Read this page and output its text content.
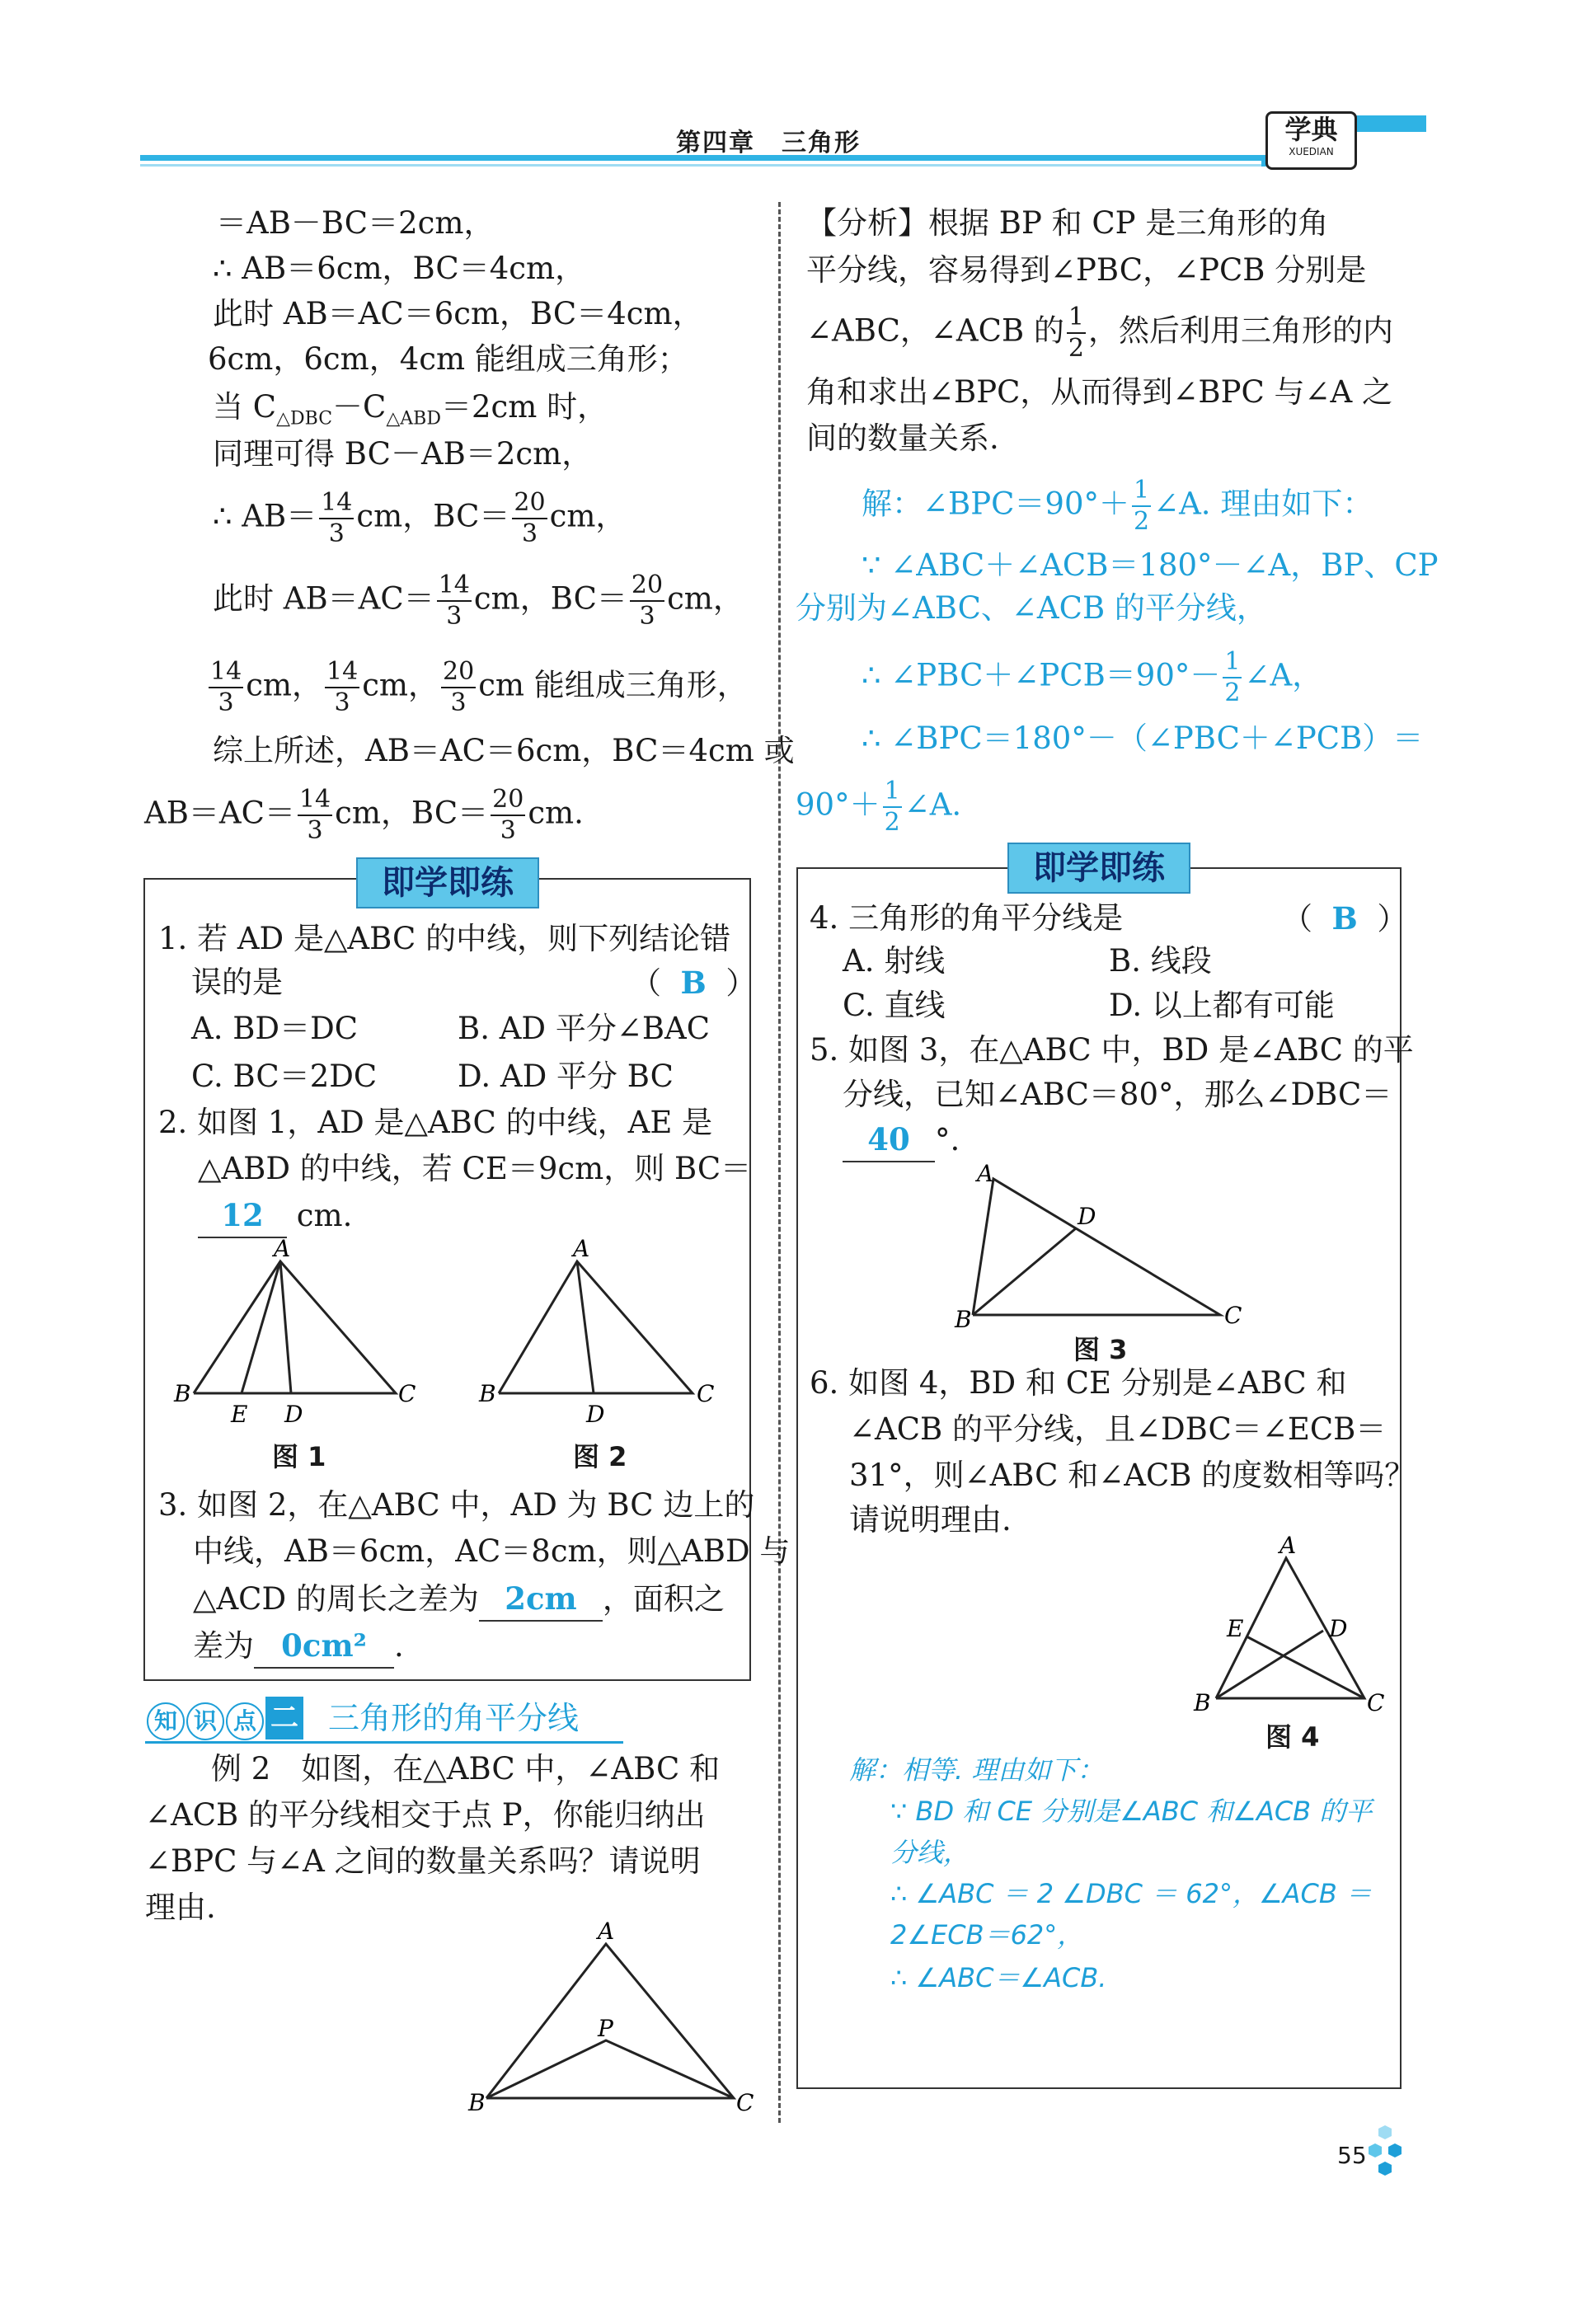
第四章　三角形	学典
XUEDIAN
＝AB－BC＝2cm，
∴ AB＝6cm，BC＝4cm，
此时 AB＝AC＝6cm，BC＝4cm，
6cm，6cm，4cm 能组成三角形；
当 $C_{\triangle DBC}-C_{\triangle ABD}=2cm$ 时，
同理可得 BC－AB＝2cm，
∴ $AB= \frac{14}{3}$ cm，$BC= \frac{20}{3}$ cm，
此时 $AB=AC= \frac{14}{3}$ cm，$BC= \frac{20}{3}$ cm，
$\frac{14}{3}$ cm， $\frac{14}{3}$ cm， $\frac{20}{3}$ cm 能组成三角形，
综上所述，AB＝AC＝6cm，BC＝4cm 或
$AB=AC= \frac{14}{3}$ cm，$BC= \frac{20}{3}$ cm.
即学即练
1. 若 AD 是△ABC 的中线，则下列结论错
误的是	（  B  ）
A. BD＝DC	B. AD 平分∠BAC
C. BC＝2DC	D. AD 平分 BC
2. 如图 1，AD 是△ABC 的中线，AE 是
△ABD 的中线，若 CE＝9cm，则 BC＝
12 cm.
A
B	C
E D
图 1
A
B	C
D
图 2
3. 如图 2，在△ABC 中，AD 为 BC 边上的
中线，AB＝6cm，AC＝8cm，则△ABD 与
△ACD 的周长之差为 2cm ，面积之
差为 0cm² .
知 识 点 二 三角形的角平分线
例 2　如图，在△ABC 中，∠ABC 和
∠ACB 的平分线相交于点 P，你能归纳出
∠BPC 与∠A 之间的数量关系吗？请说明
理由.
A
P
B	C
【分析】根据 BP 和 CP 是三角形的角
平分线，容易得到∠PBC，∠PCB 分别是
∠ABC，∠ACB 的 $\frac{1}{2}$ ，然后利用三角形的内
角和求出∠BPC，从而得到∠BPC 与∠A 之
间的数量关系.
解：∠BPC＝90°＋ $\frac{1}{2}$ ∠A. 理由如下：
∵ ∠ABC＋∠ACB＝180°－∠A，BP、CP
分别为∠ABC、∠ACB 的平分线，
∴ ∠PBC＋∠PCB＝90°－ $\frac{1}{2}$ ∠A，
∴ ∠BPC＝180°－（∠PBC＋∠PCB）＝
$90^\circ+ \frac{1}{2}$ ∠A.
即学即练
4. 三角形的角平分线是	（  B  ）
A. 射线	B. 线段
C. 直线	D. 以上都有可能
5. 如图 3，在△ABC 中，BD 是∠ABC 的平
分线，已知∠ABC＝80°，那么∠DBC＝
40 °.
A
D
B	C
图 3
6. 如图 4，BD 和 CE 分别是∠ABC 和
∠ACB 的平分线，且∠DBC＝∠ECB＝
31°，则∠ABC 和∠ACB 的度数相等吗？
请说明理由.
A
E	D
B	C
图 4
解：相等. 理由如下：
∵ BD 和 CE 分别是∠ABC 和∠ACB 的平
分线，
∴ ∠ABC ＝ 2 ∠DBC ＝ 62°，∠ACB ＝
2∠ECB＝62°，
∴ ∠ABC＝∠ACB.
55
